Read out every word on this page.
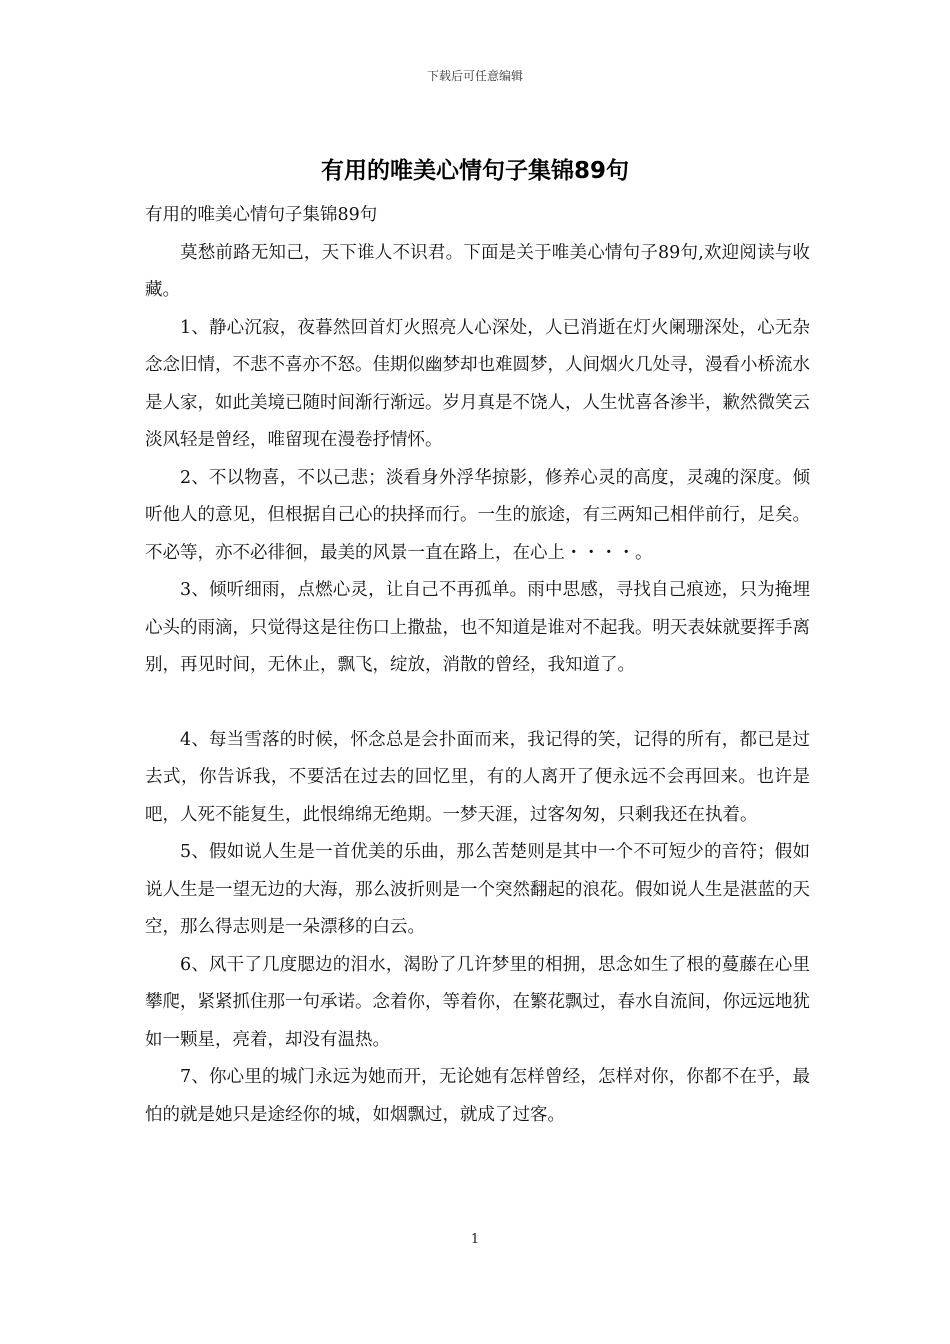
下载后可任意编辑
有用的唯美心情句子集锦89句

有用的唯美心情句子集锦89句

莫愁前路无知己，天下谁人不识君。下面是关于唯美心情句子89句,欢迎阅读与收藏。

1、静心沉寂，夜暮然回首灯火照亮人心深处，人已消逝在灯火阑珊深处，心无杂念念旧情，不悲不喜亦不怒。佳期似幽梦却也难圆梦，人间烟火几处寻，漫看小桥流水是人家，如此美境已随时间渐行渐远。岁月真是不饶人，人生忧喜各渗半，歉然微笑云淡风轻是曾经，唯留现在漫卷抒情怀。

2、不以物喜，不以己悲；淡看身外浮华掠影，修养心灵的高度，灵魂的深度。倾听他人的意见，但根据自己心的抉择而行。一生的旅途，有三两知己相伴前行，足矣。不必等，亦不必徘徊，最美的风景一直在路上，在心上・・・・。

3、倾听细雨，点燃心灵，让自己不再孤单。雨中思感，寻找自己痕迹，只为掩埋心头的雨滴，只觉得这是往伤口上撒盐，也不知道是谁对不起我。明天表妹就要挥手离别，再见时间，无休止，飘飞，绽放，消散的曾经，我知道了。

4、每当雪落的时候，怀念总是会扑面而来，我记得的笑，记得的所有，都已是过去式，你告诉我，不要活在过去的回忆里，有的人离开了便永远不会再回来。也许是吧，人死不能复生，此恨绵绵无绝期。一梦天涯，过客匆匆，只剩我还在执着。

5、假如说人生是一首优美的乐曲，那么苦楚则是其中一个不可短少的音符；假如说人生是一望无边的大海，那么波折则是一个突然翻起的浪花。假如说人生是湛蓝的天空，那么得志则是一朵漂移的白云。

6、风干了几度腮边的泪水，渴盼了几许梦里的相拥，思念如生了根的蔓藤在心里攀爬，紧紧抓住那一句承诺。念着你，等着你，在繁花飘过，春水自流间，你远远地犹如一颗星，亮着，却没有温热。

7、你心里的城门永远为她而开，无论她有怎样曾经，怎样对你，你都不在乎，最怕的就是她只是途经你的城，如烟飘过，就成了过客。

1
